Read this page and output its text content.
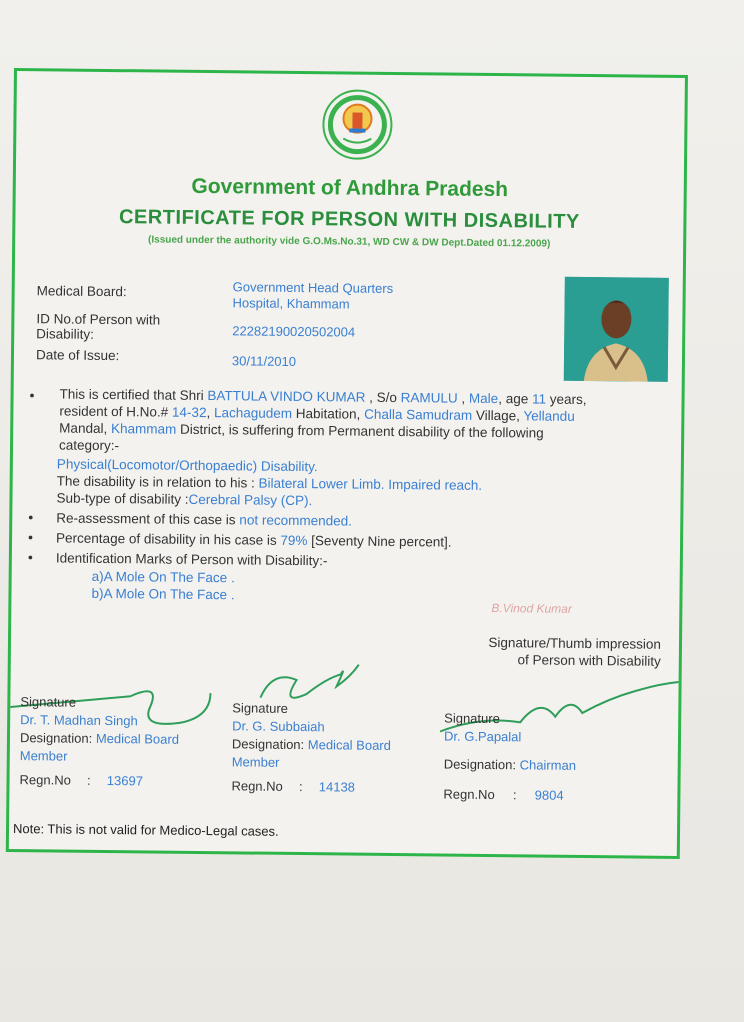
Government of Andhra Pradesh
CERTIFICATE FOR PERSON WITH DISABILITY
(Issued under the authority vide G.O.Ms.No.31, WD CW & DW Dept.Dated 01.12.2009)
Medical Board:	Government Head Quarters
Hospital, Khammam
ID No.of Person with
Disability:	22282190020502004
Date of Issue:	30/11/2010
• This is certified that Shri BATTULA VINDO KUMAR , S/o RAMULU , Male, age 11 years,
resident of H.No.# 14-32, Lachagudem Habitation, Challa Samudram Village, Yellandu
Mandal, Khammam District, is suffering from Permanent disability of the following
category:-
Physical(Locomotor/Orthopaedic) Disability.
The disability is in relation to his : Bilateral Lower Limb. Impaired reach.
Sub-type of disability :Cerebral Palsy (CP).
• Re-assessment of this case is not recommended.
• Percentage of disability in his case is 79% [Seventy Nine percent].
• Identification Marks of Person with Disability:-
a)A Mole On The Face .
b)A Mole On The Face .
B.Vinod Kumar
Signature/Thumb impression
of Person with Disability
Signature
Dr. T. Madhan Singh
Designation: Medical Board
Member
Regn.No : 13697
Signature
Dr. G. Subbaiah
Designation: Medical Board
Member
Regn.No : 14138
Signature
Dr. G.Papalal
Designation: Chairman
Regn.No : 9804
Note: This is not valid for Medico-Legal cases.
